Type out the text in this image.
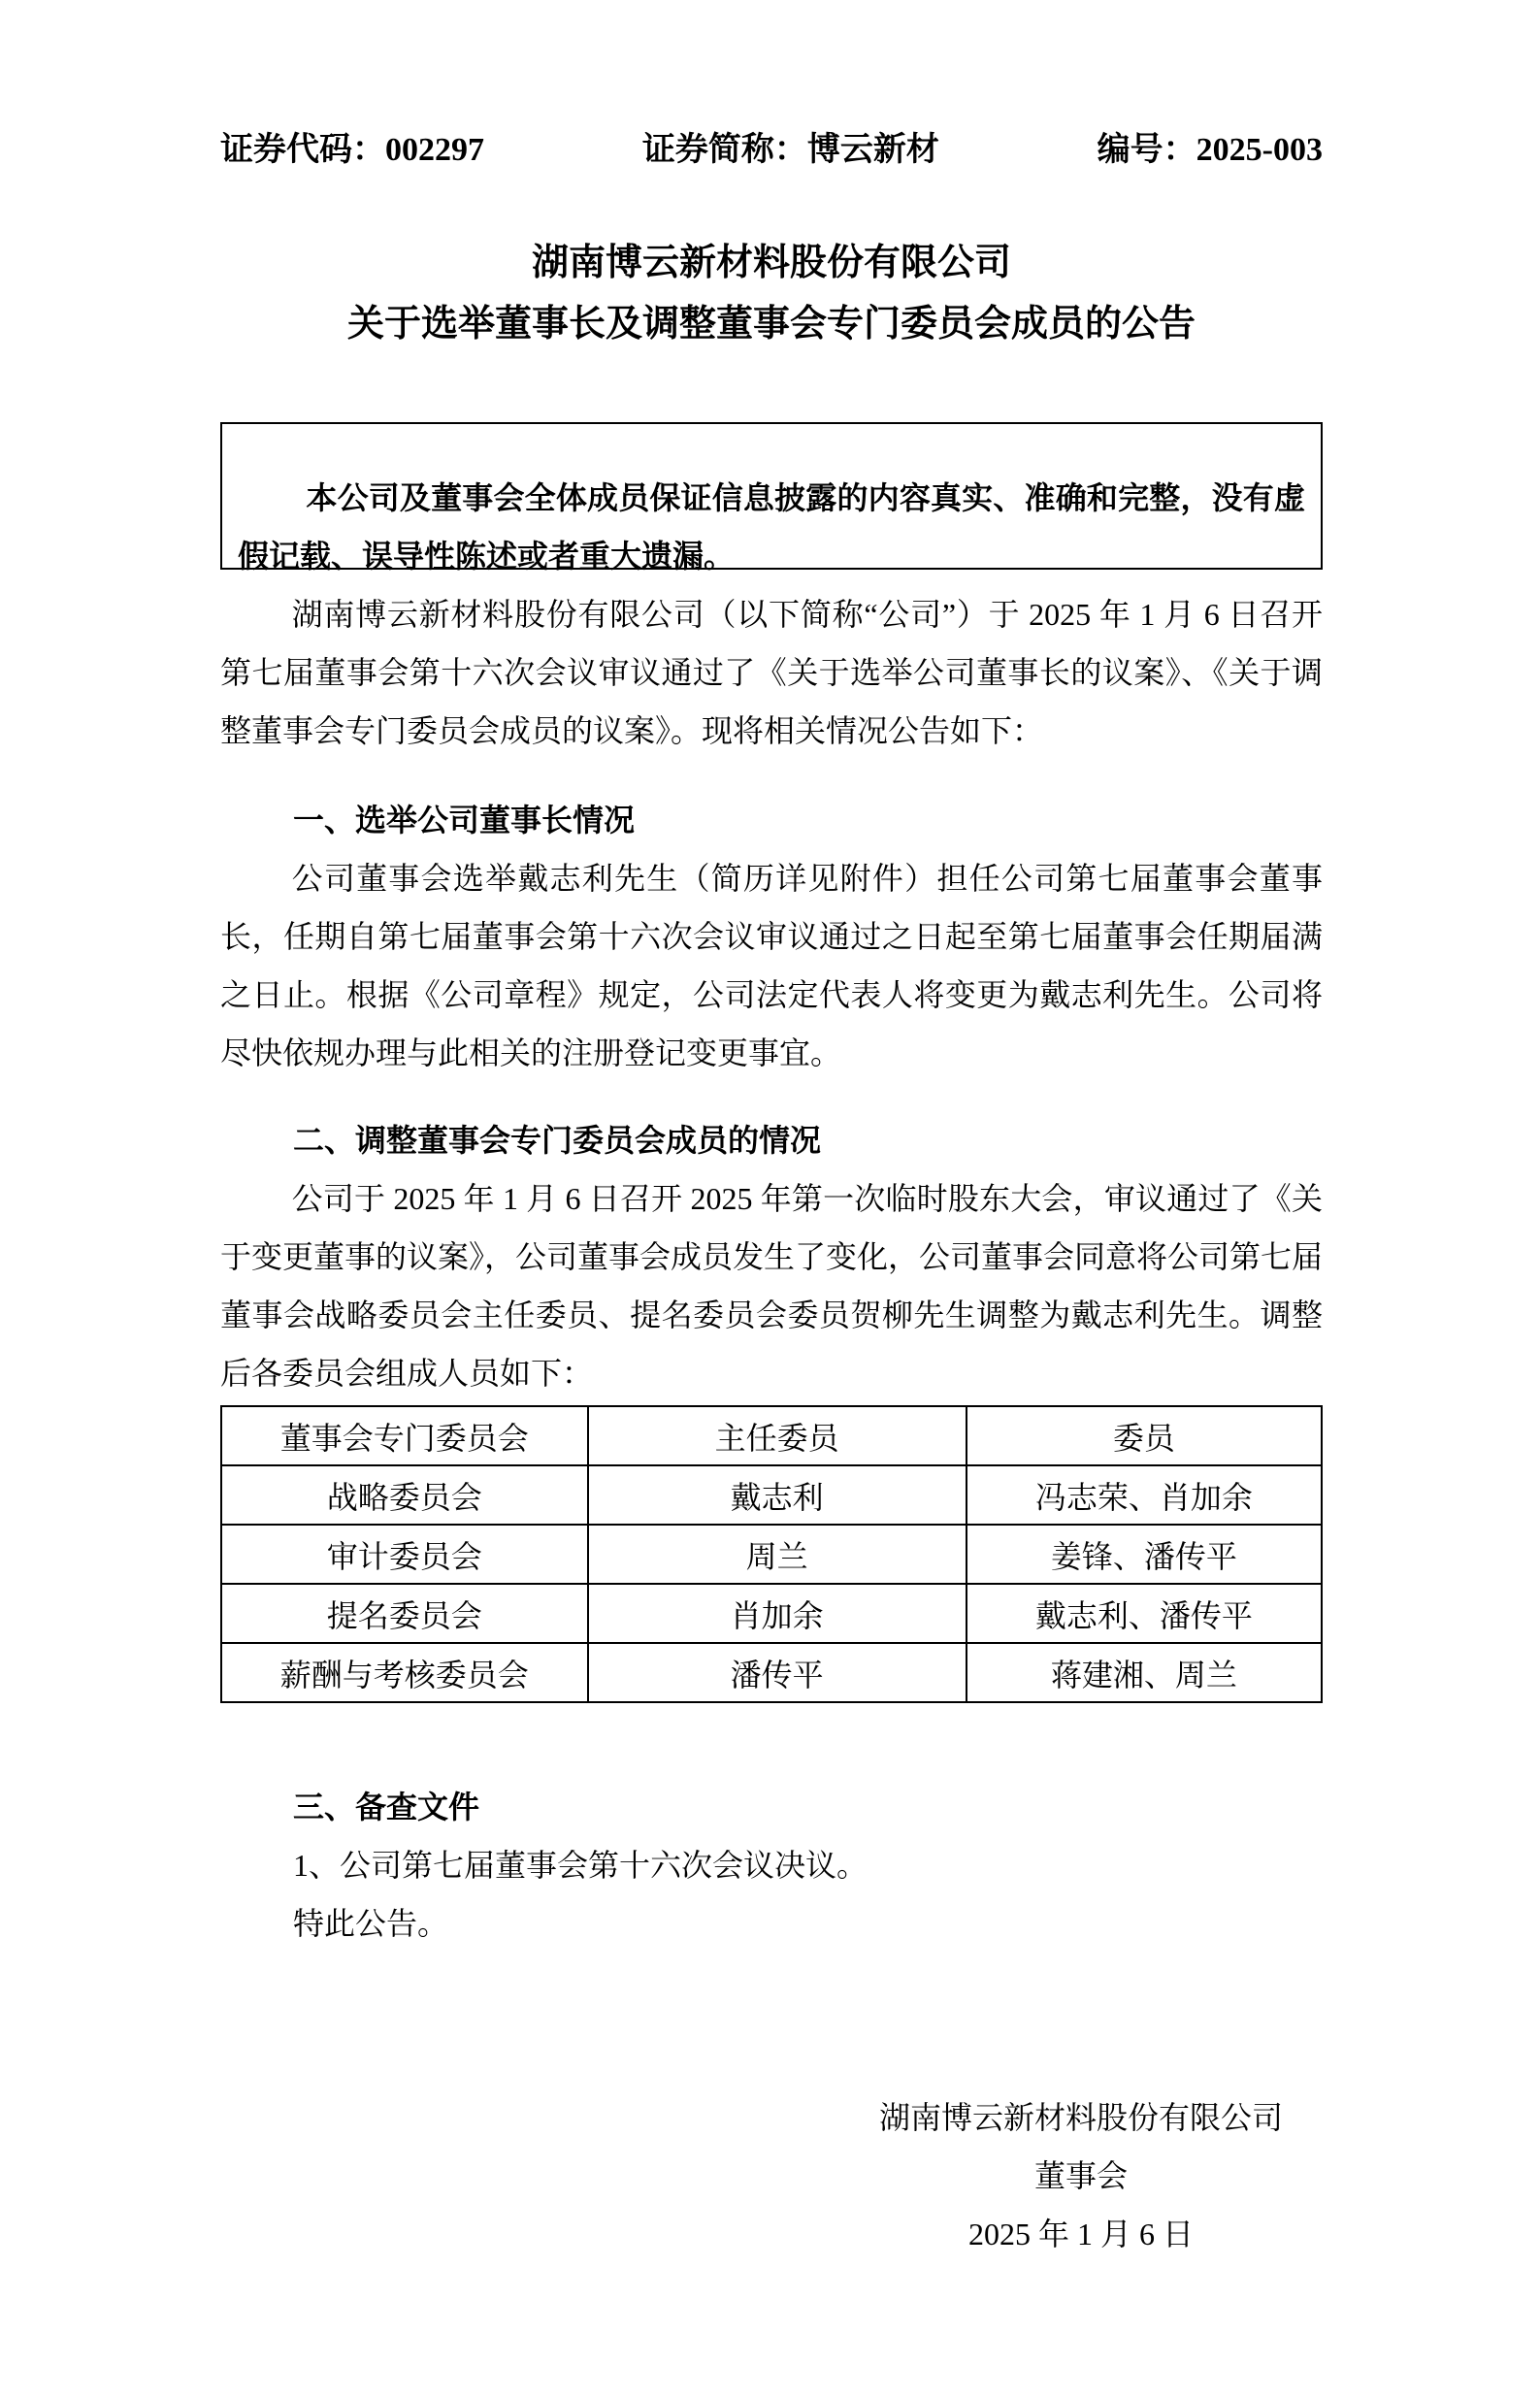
证券代码：002297	证券简称：博云新材	编号：2025-003
湖南博云新材料股份有限公司
关于选举董事长及调整董事会专门委员会成员的公告

本公司及董事会全体成员保证信息披露的内容真实、准确和完整，没有虚假记载、误导性陈述或者重大遗漏。

湖南博云新材料股份有限公司（以下简称“公司”）于 2025 年 1 月 6 日召开第七届董事会第十六次会议审议通过了《关于选举公司董事长的议案》、《关于调整董事会专门委员会成员的议案》。现将相关情况公告如下：

一、选举公司董事长情况

公司董事会选举戴志利先生（简历详见附件）担任公司第七届董事会董事长，任期自第七届董事会第十六次会议审议通过之日起至第七届董事会任期届满之日止。根据《公司章程》规定，公司法定代表人将变更为戴志利先生。公司将尽快依规办理与此相关的注册登记变更事宜。

二、调整董事会专门委员会成员的情况

公司于 2025 年 1 月 6 日召开 2025 年第一次临时股东大会，审议通过了《关于变更董事的议案》，公司董事会成员发生了变化，公司董事会同意将公司第七届董事会战略委员会主任委员、提名委员会委员贺柳先生调整为戴志利先生。调整后各委员会组成人员如下：

董事会专门委员会	主任委员	委员
战略委员会	戴志利	冯志荣、肖加余
审计委员会	周兰	姜锋、潘传平
提名委员会	肖加余	戴志利、潘传平
薪酬与考核委员会	潘传平	蒋建湘、周兰
三、备查文件

1、公司第七届董事会第十六次会议决议。

特此公告。

湖南博云新材料股份有限公司
董事会
2025 年 1 月 6 日
